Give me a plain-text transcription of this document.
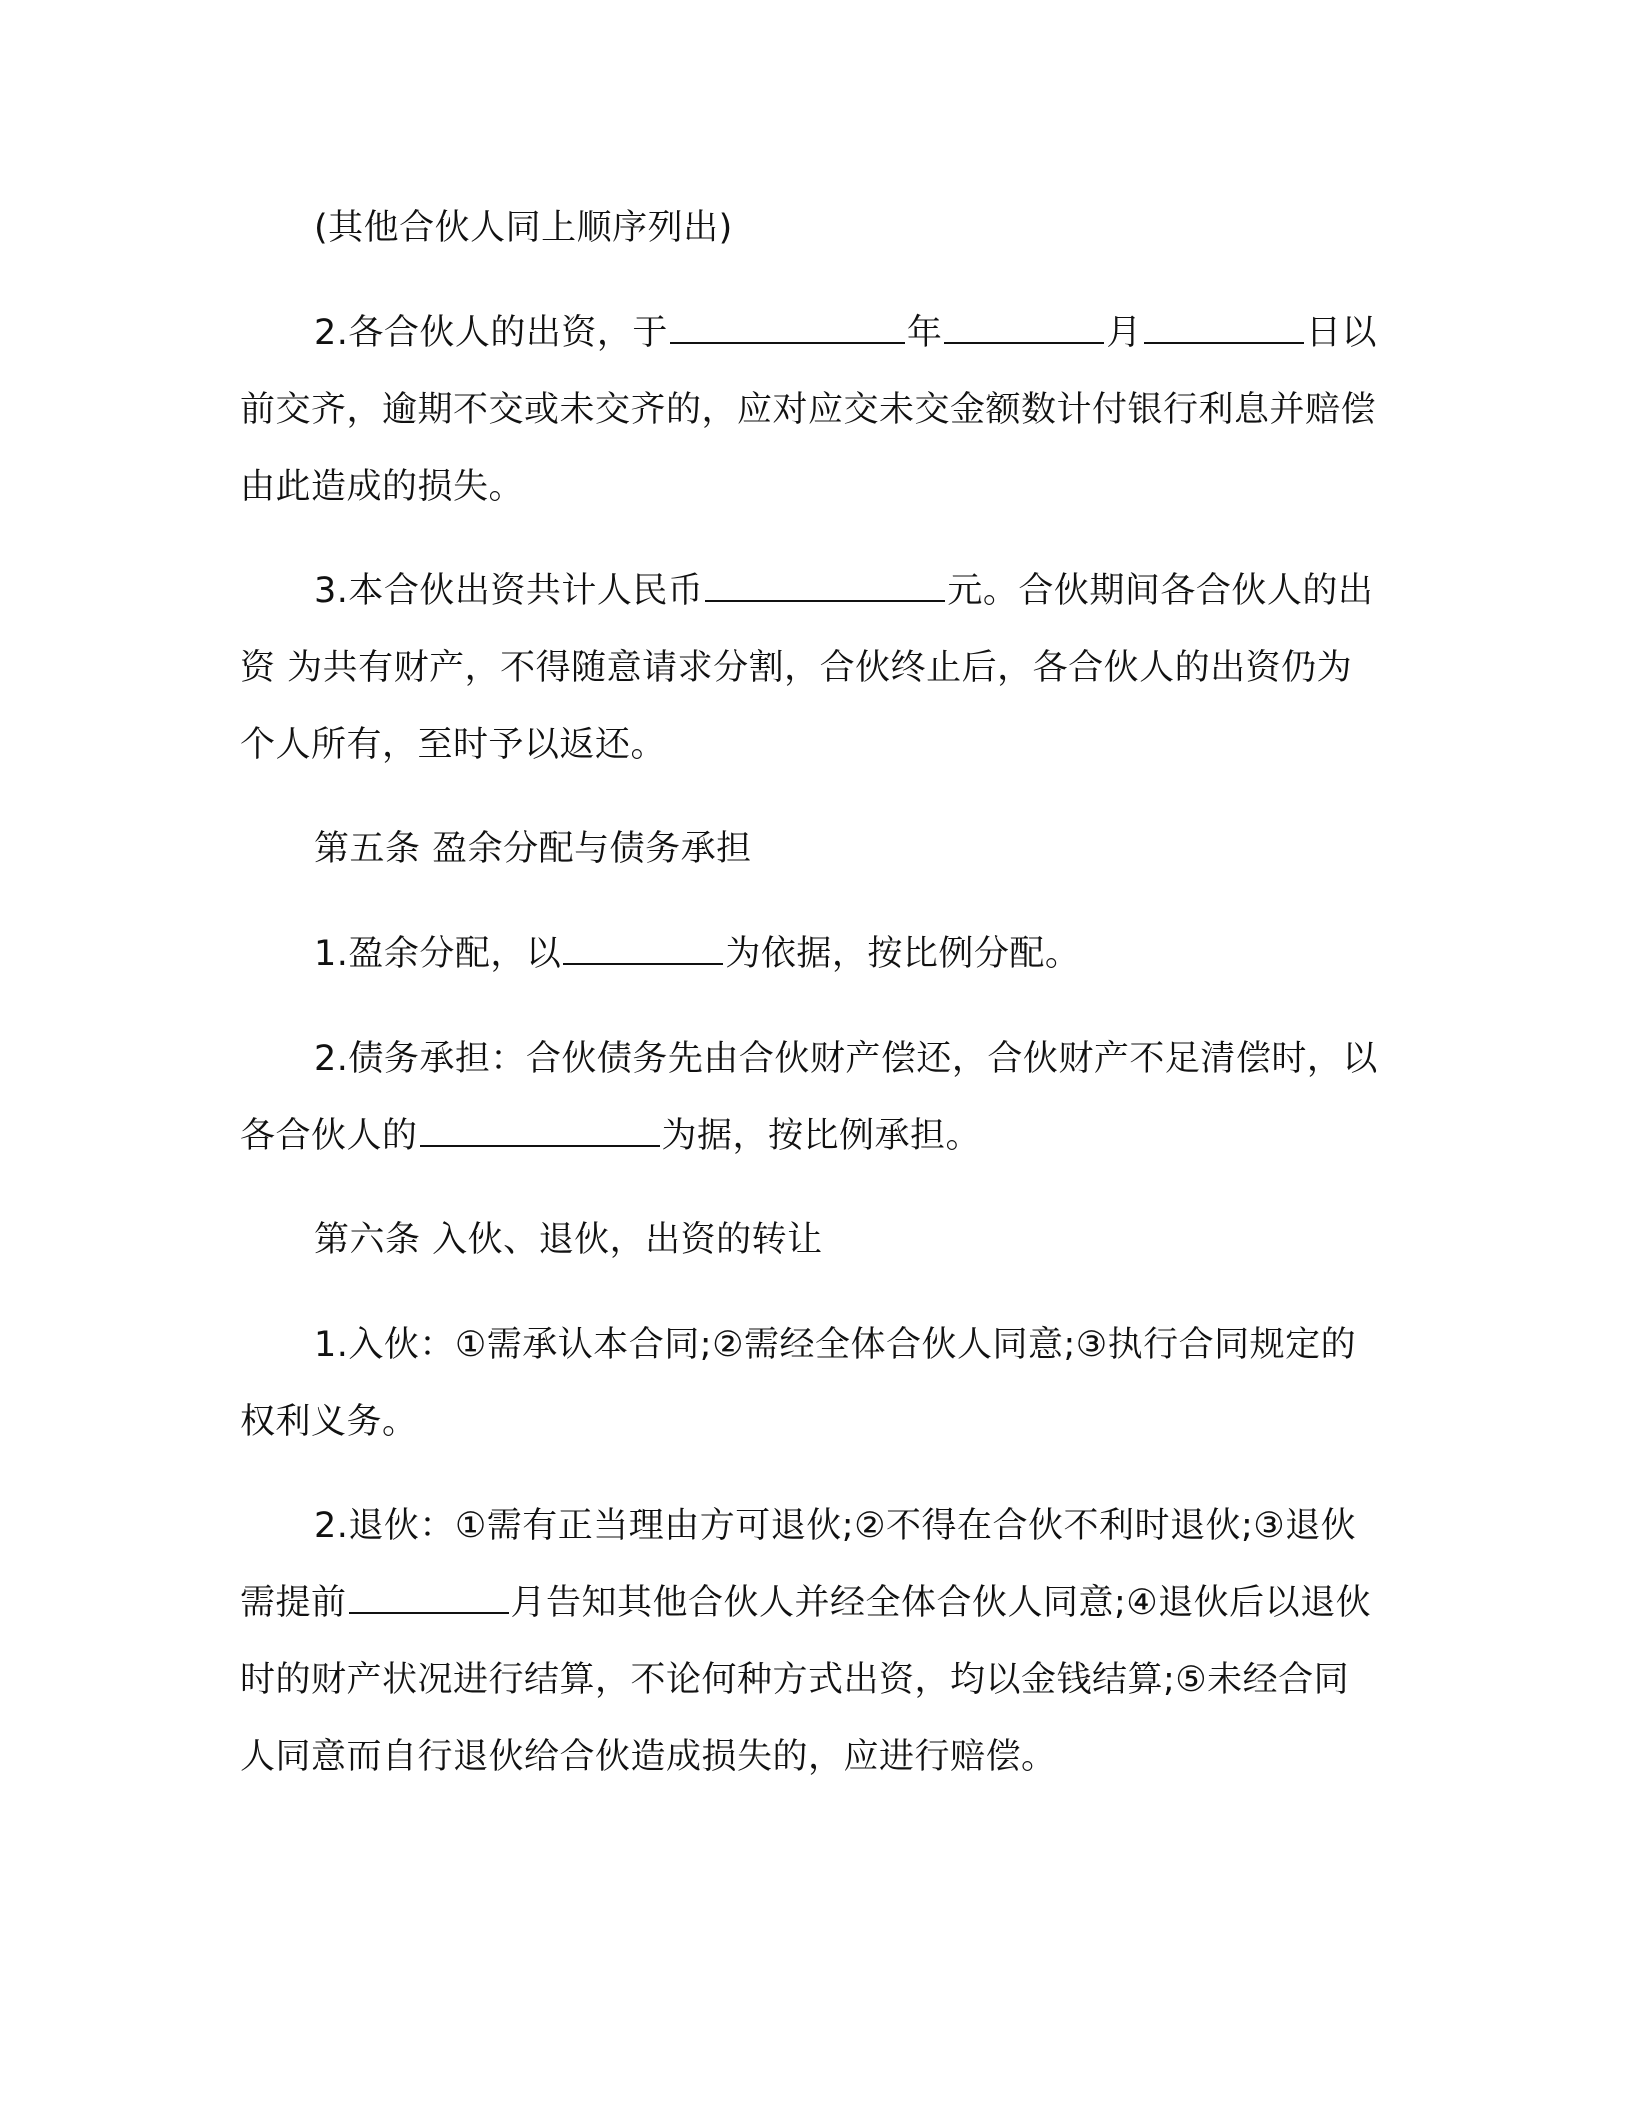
(其他合伙人同上顺序列出)

2.各合伙人的出资，于	年	月	日以前交齐，逾期不交或未交齐的，应对应交未交金额数计付银行利息并赔偿由此造成的损失。

3.本合伙出资共计人民币	元。合伙期间各合伙人的出资 为共有财产，不得随意请求分割，合伙终止后，各合伙人的出资仍为个人所有，至时予以返还。

第五条 盈余分配与债务承担

1.盈余分配，以	为依据，按比例分配。

2.债务承担：合伙债务先由合伙财产偿还，合伙财产不足清偿时，以各合伙人的	为据，按比例承担。

第六条 入伙、退伙，出资的转让

1.入伙：①需承认本合同;②需经全体合伙人同意;③执行合同规定的权利义务。

2.退伙：①需有正当理由方可退伙;②不得在合伙不利时退伙;③退伙需提前	月告知其他合伙人并经全体合伙人同意;④退伙后以退伙时的财产状况进行结算，不论何种方式出资，均以金钱结算;⑤未经合同人同意而自行退伙给合伙造成损失的，应进行赔偿。
